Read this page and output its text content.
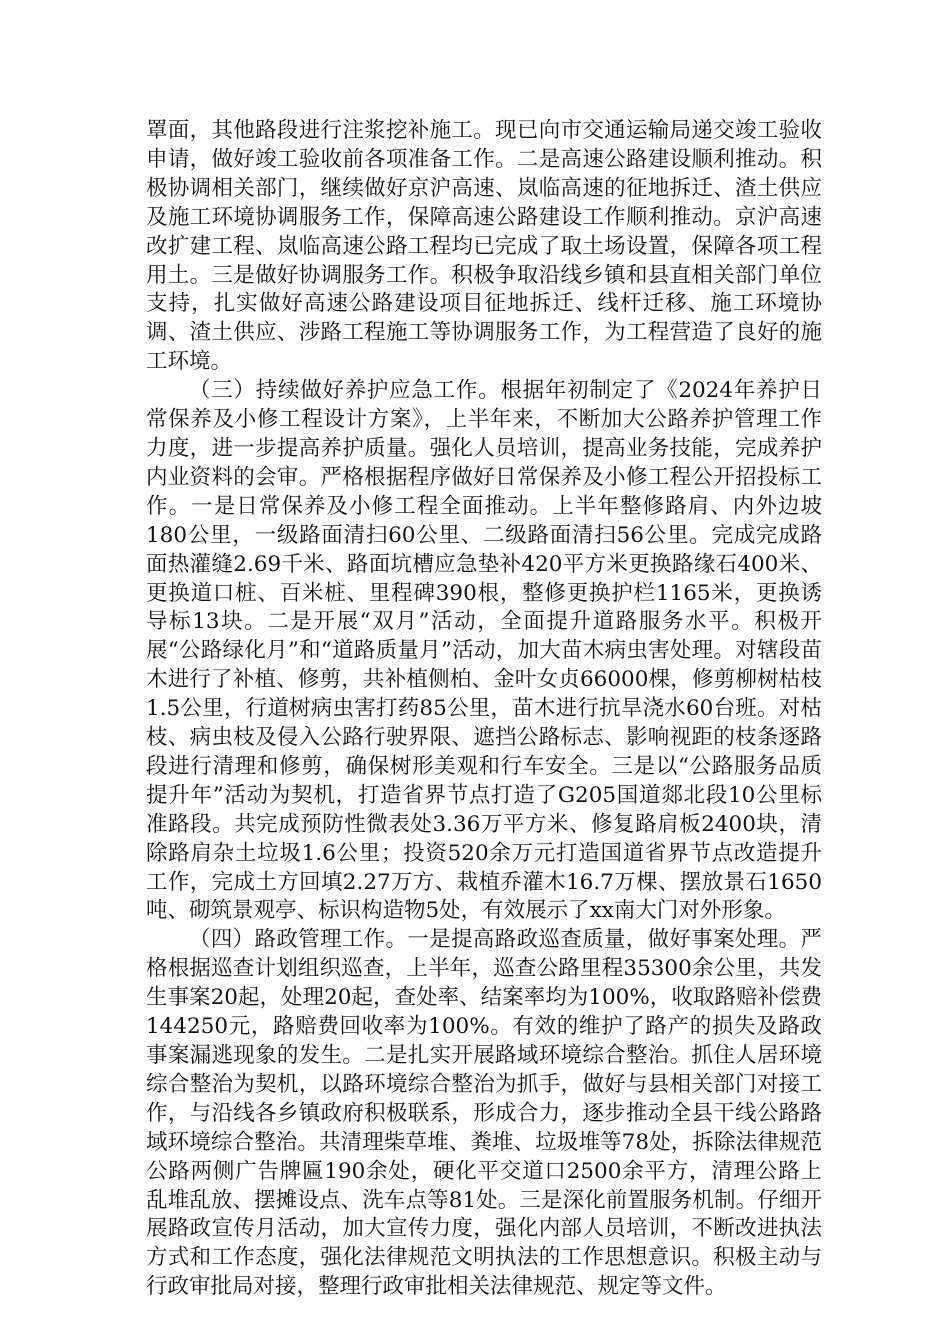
罩面，其他路段进行注浆挖补施工。现已向市交通运输局递交竣工验收申请，做好竣工验收前各项准备工作。二是高速公路建设顺利推动。积极协调相关部门，继续做好京沪高速、岚临高速的征地拆迁、渣土供应及施工环境协调服务工作，保障高速公路建设工作顺利推动。京沪高速改扩建工程、岚临高速公路工程均已完成了取土场设置，保障各项工程用土。三是做好协调服务工作。积极争取沿线乡镇和县直相关部门单位支持，扎实做好高速公路建设项目征地拆迁、线杆迁移、施工环境协调、渣土供应、涉路工程施工等协调服务工作，为工程营造了良好的施工环境。

（三）持续做好养护应急工作。根据年初制定了《2024年养护日常保养及小修工程设计方案》，上半年来，不断加大公路养护管理工作力度，进一步提高养护质量。强化人员培训，提高业务技能，完成养护内业资料的会审。严格根据程序做好日常保养及小修工程公开招投标工作。一是日常保养及小修工程全面推动。上半年整修路肩、内外边坡180公里，一级路面清扫60公里、二级路面清扫56公里。完成完成路面热灌缝2.69千米、路面坑槽应急垫补420平方米更换路缘石400米、更换道口桩、百米桩、里程碑390根，整修更换护栏1165米，更换诱导标13块。二是开展“双月”活动，全面提升道路服务水平。积极开展“公路绿化月”和“道路质量月”活动，加大苗木病虫害处理。对辖段苗木进行了补植、修剪，共补植侧柏、金叶女贞66000棵，修剪柳树枯枝1.5公里，行道树病虫害打药85公里，苗木进行抗旱浇水60台班。对枯枝、病虫枝及侵入公路行驶界限、遮挡公路标志、影响视距的枝条逐路段进行清理和修剪，确保树形美观和行车安全。三是以“公路服务品质提升年”活动为契机，打造省界节点打造了G205国道郯北段10公里标准路段。共完成预防性微表处3.36万平方米、修复路肩板2400块，清除路肩杂土垃圾1.6公里；投资520余万元打造国道省界节点改造提升工作，完成土方回填2.27万方、栽植乔灌木16.7万棵、摆放景石1650吨、砌筑景观亭、标识构造物5处，有效展示了xx南大门对外形象。

（四）路政管理工作。一是提高路政巡查质量，做好事案处理。严格根据巡查计划组织巡查，上半年，巡查公路里程35300余公里，共发生事案20起，处理20起，查处率、结案率均为100%，收取路赔补偿费144250元，路赔费回收率为100%。有效的维护了路产的损失及路政事案漏逃现象的发生。二是扎实开展路域环境综合整治。抓住人居环境综合整治为契机，以路环境综合整治为抓手，做好与县相关部门对接工作，与沿线各乡镇政府积极联系，形成合力，逐步推动全县干线公路路域环境综合整治。共清理柴草堆、粪堆、垃圾堆等78处，拆除法律规范公路两侧广告牌匾190余处，硬化平交道口2500余平方，清理公路上乱堆乱放、摆摊设点、洗车点等81处。三是深化前置服务机制。仔细开展路政宣传月活动，加大宣传力度，强化内部人员培训，不断改进执法方式和工作态度，强化法律规范文明执法的工作思想意识。积极主动与行政审批局对接，整理行政审批相关法律规范、规定等文件。
